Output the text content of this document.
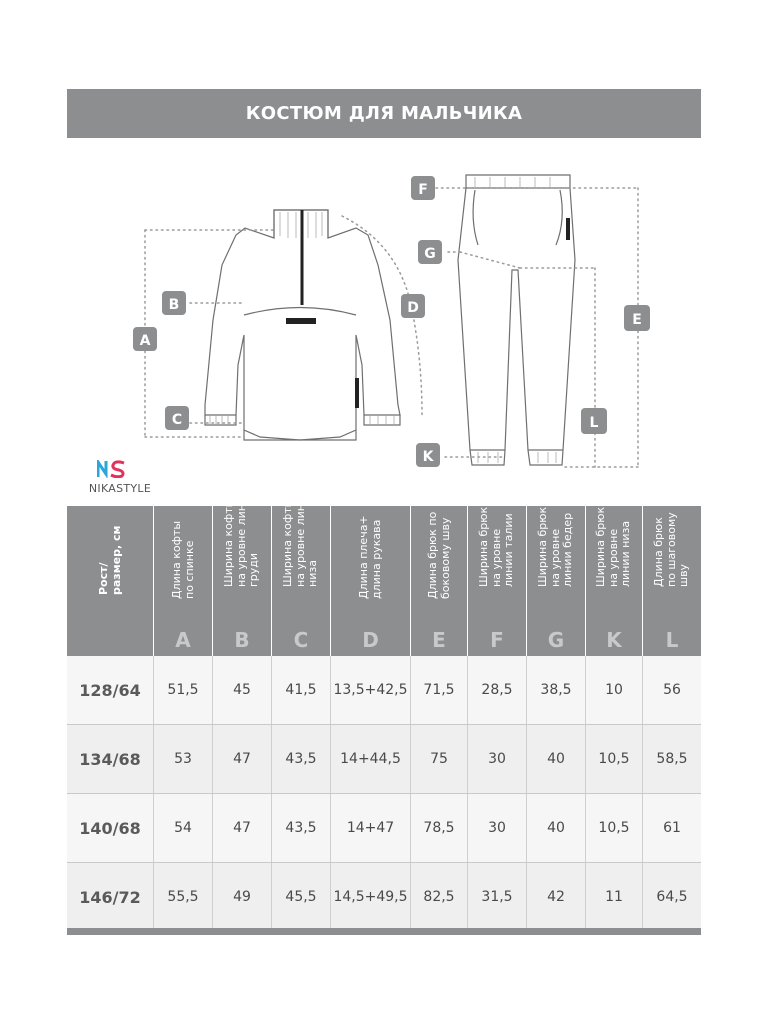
КОСТЮМ ДЛЯ МАЛЬЧИКА
A
B
C
D
E
F
G
K
L
NIKASTYLE
Рост/
размер, см
Длина кофты
по спинке
A
Ширина кофты
на уровне линии
груди
B
Ширина кофты
на уровне линии
низа
C
Длина плеча+
длина рукава
D
Длина брюк по
боковому шву
E
Ширина брюк
на уровне
линии талии
F
Ширина брюк
на уровне
линии бедер
G
Ширина брюк
на уровне
линии низа
K
Длина брюк
по шаговому
шву
L
128/64	51,5	45	41,5	13,5+42,5	71,5	28,5	38,5	10	56
134/68	53	47	43,5	14+44,5	75	30	40	10,5	58,5
140/68	54	47	43,5	14+47	78,5	30	40	10,5	61
146/72	55,5	49	45,5	14,5+49,5	82,5	31,5	42	11	64,5
